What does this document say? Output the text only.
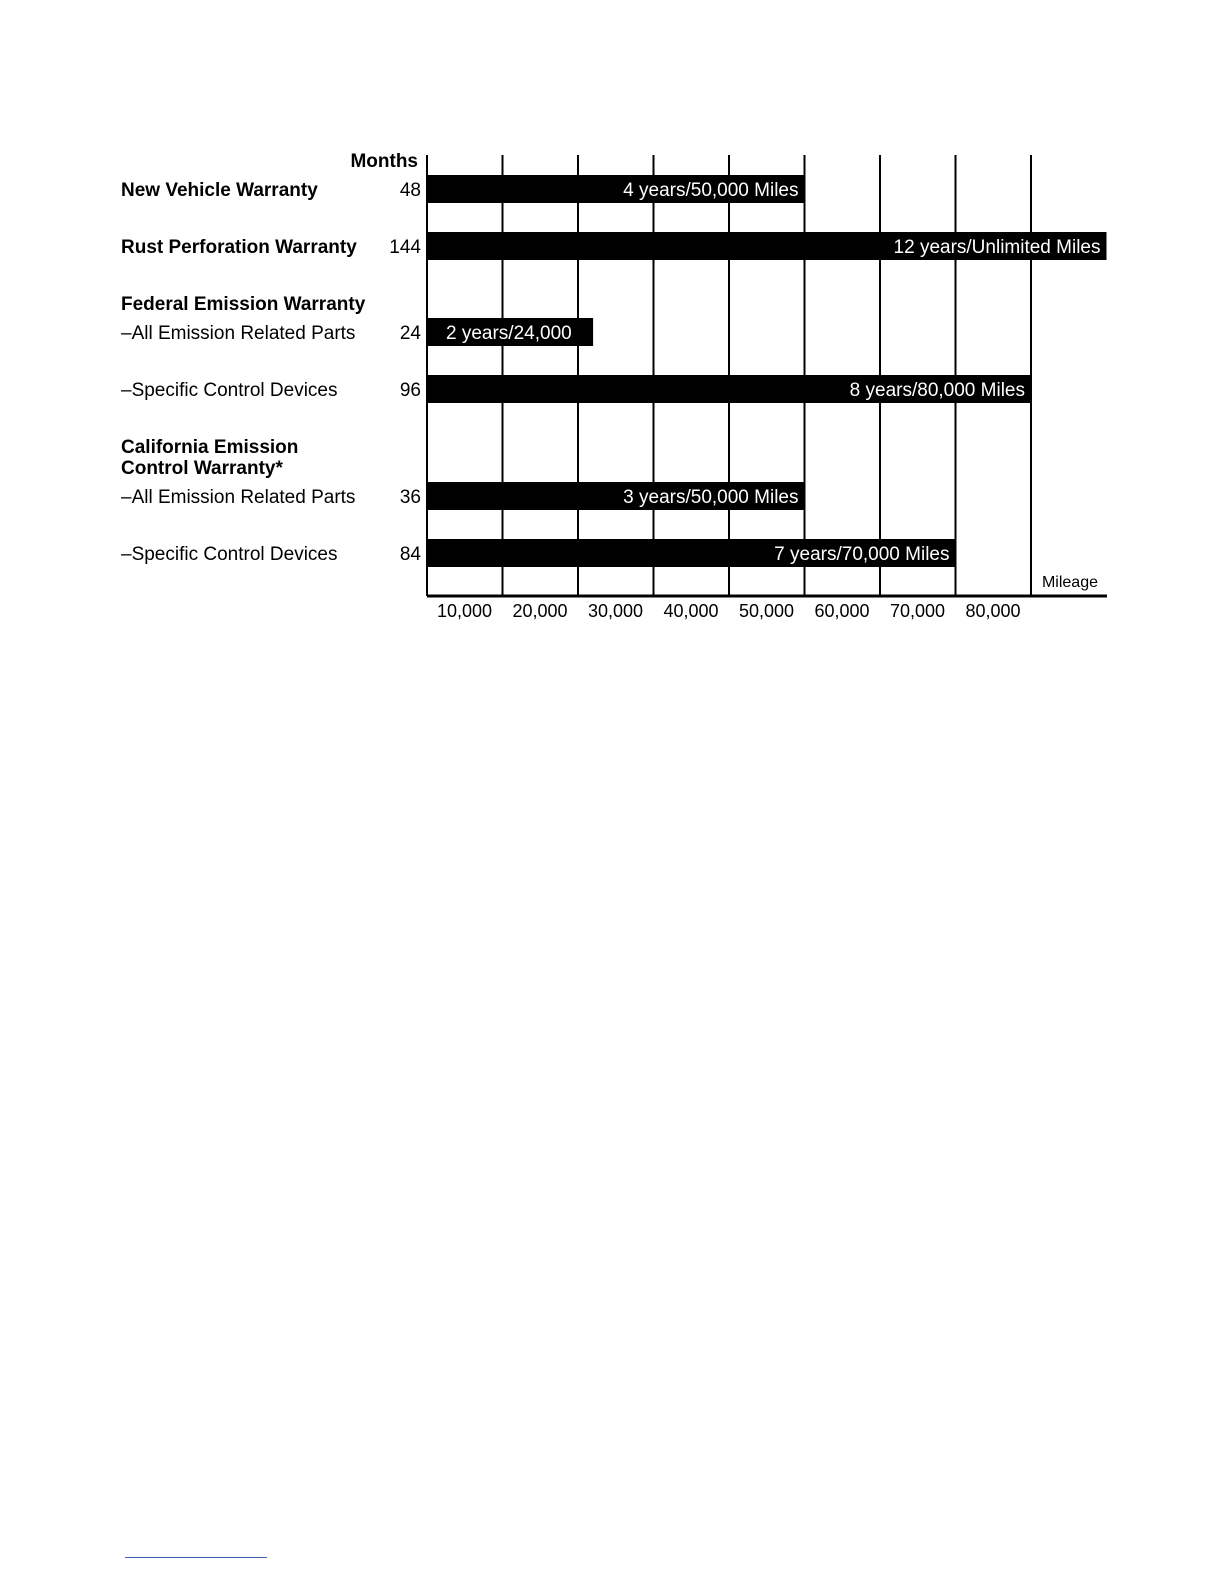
10,000 20,000 30,000 40,000 50,000 60,000 70,000 80,000
Mileage
Months
New Vehicle Warranty	48	4 years/50,000 Miles
Rust Perforation Warranty 144	12 years/Unlimited Miles
Federal Emission Warranty
–All Emission Related Parts 24 2 years/24,000
–Specific Control Devices	96	8 years/80,000 Miles
California Emission
Control Warranty*
–All Emission Related Parts 36	3 years/50,000 Miles
–Specific Control Devices	84	7 years/70,000 Miles
